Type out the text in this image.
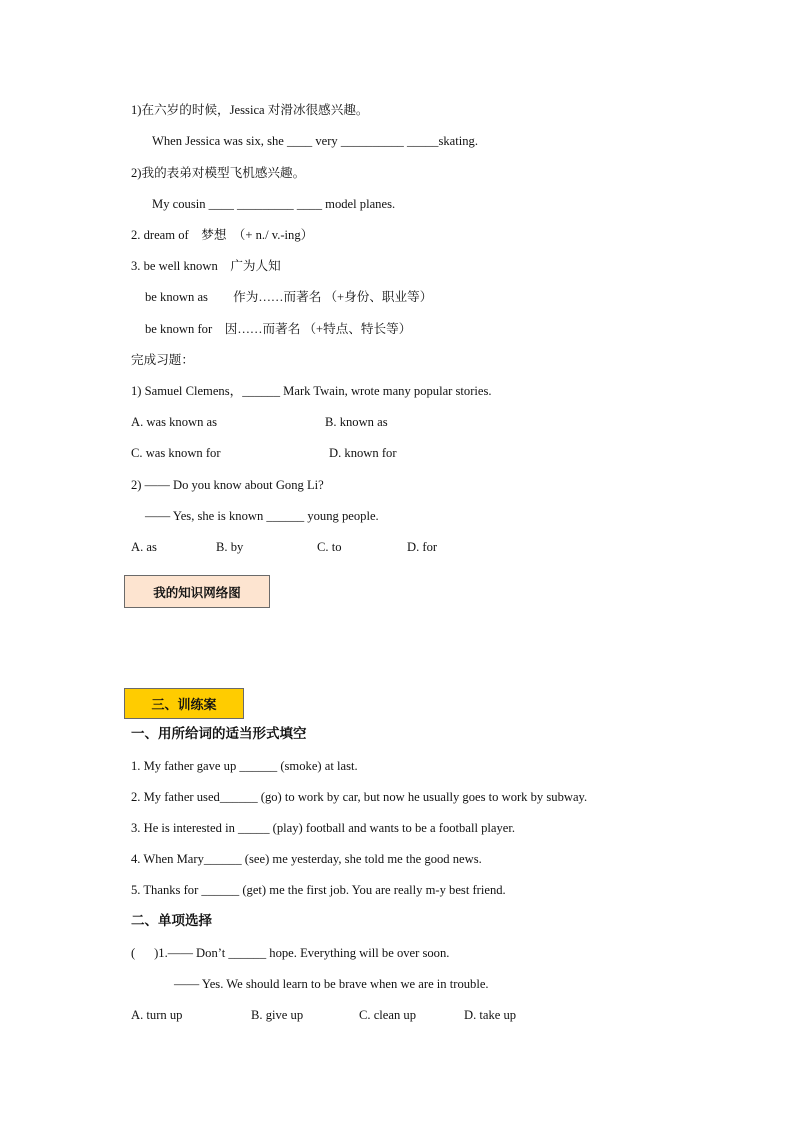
1)在六岁的时候，Jessica 对滑冰很感兴趣。
When Jessica was six, she ____ very __________ _____skating.
2)我的表弟对模型飞机感兴趣。
My cousin ____ _________ ____ model planes.
2. dream of　梦想　（+ n./ v.-ing）
3. be well known　广为人知
be known as　　作为……而著名 （+身份、职业等）
be known for　因……而著名 （+特点、特长等）
完成习题：
1) Samuel Clemens，______ Mark Twain, wrote many popular stories.
A. was known as	B. known as
C. was known for	D. known for
2) —— Do you know about Gong Li?
—— Yes, she is known ______ young people.
A. as	B. by	C. to	D. for
我的知识网络图
三、训练案
一、用所给词的适当形式填空
1. My father gave up ______ (smoke) at last.
2. My father used______ (go) to work by car, but now he usually goes to work by subway.
3. He is interested in _____ (play) football and wants to be a football player.
4. When Mary______ (see) me yesterday, she told me the good news.
5. Thanks for ______ (get) me the first job. You are really m-y best friend.
二、单项选择
(　  )1.—— Don’t ______ hope. Everything will be over soon.
—— Yes. We should learn to be brave when we are in trouble.
A. turn up	B. give up	C. clean up	D. take up
